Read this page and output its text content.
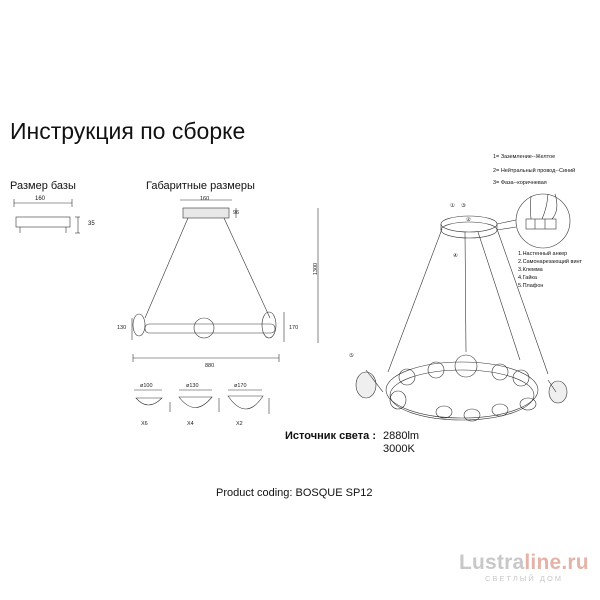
Инструкция по сборке
Размер базы	Габаритные размеры
160
35
160
96
1300
130	170
880
ø100	ø130	ø170
X6	X4	X2
1= Заземление--Желтое
2= Нейтральный провод--Синий
3= Фаза--коричневая
1.Настенный анкер
2.Самонарезающий винт
3.Клемма
4.Гайка
5.Плафон
①
②
③
④
⑤
Источник света : 2880lm
3000K
Product coding: BOSQUE SP12
Lustraline.ru
СВЕТЛЫЙ ДОМ
